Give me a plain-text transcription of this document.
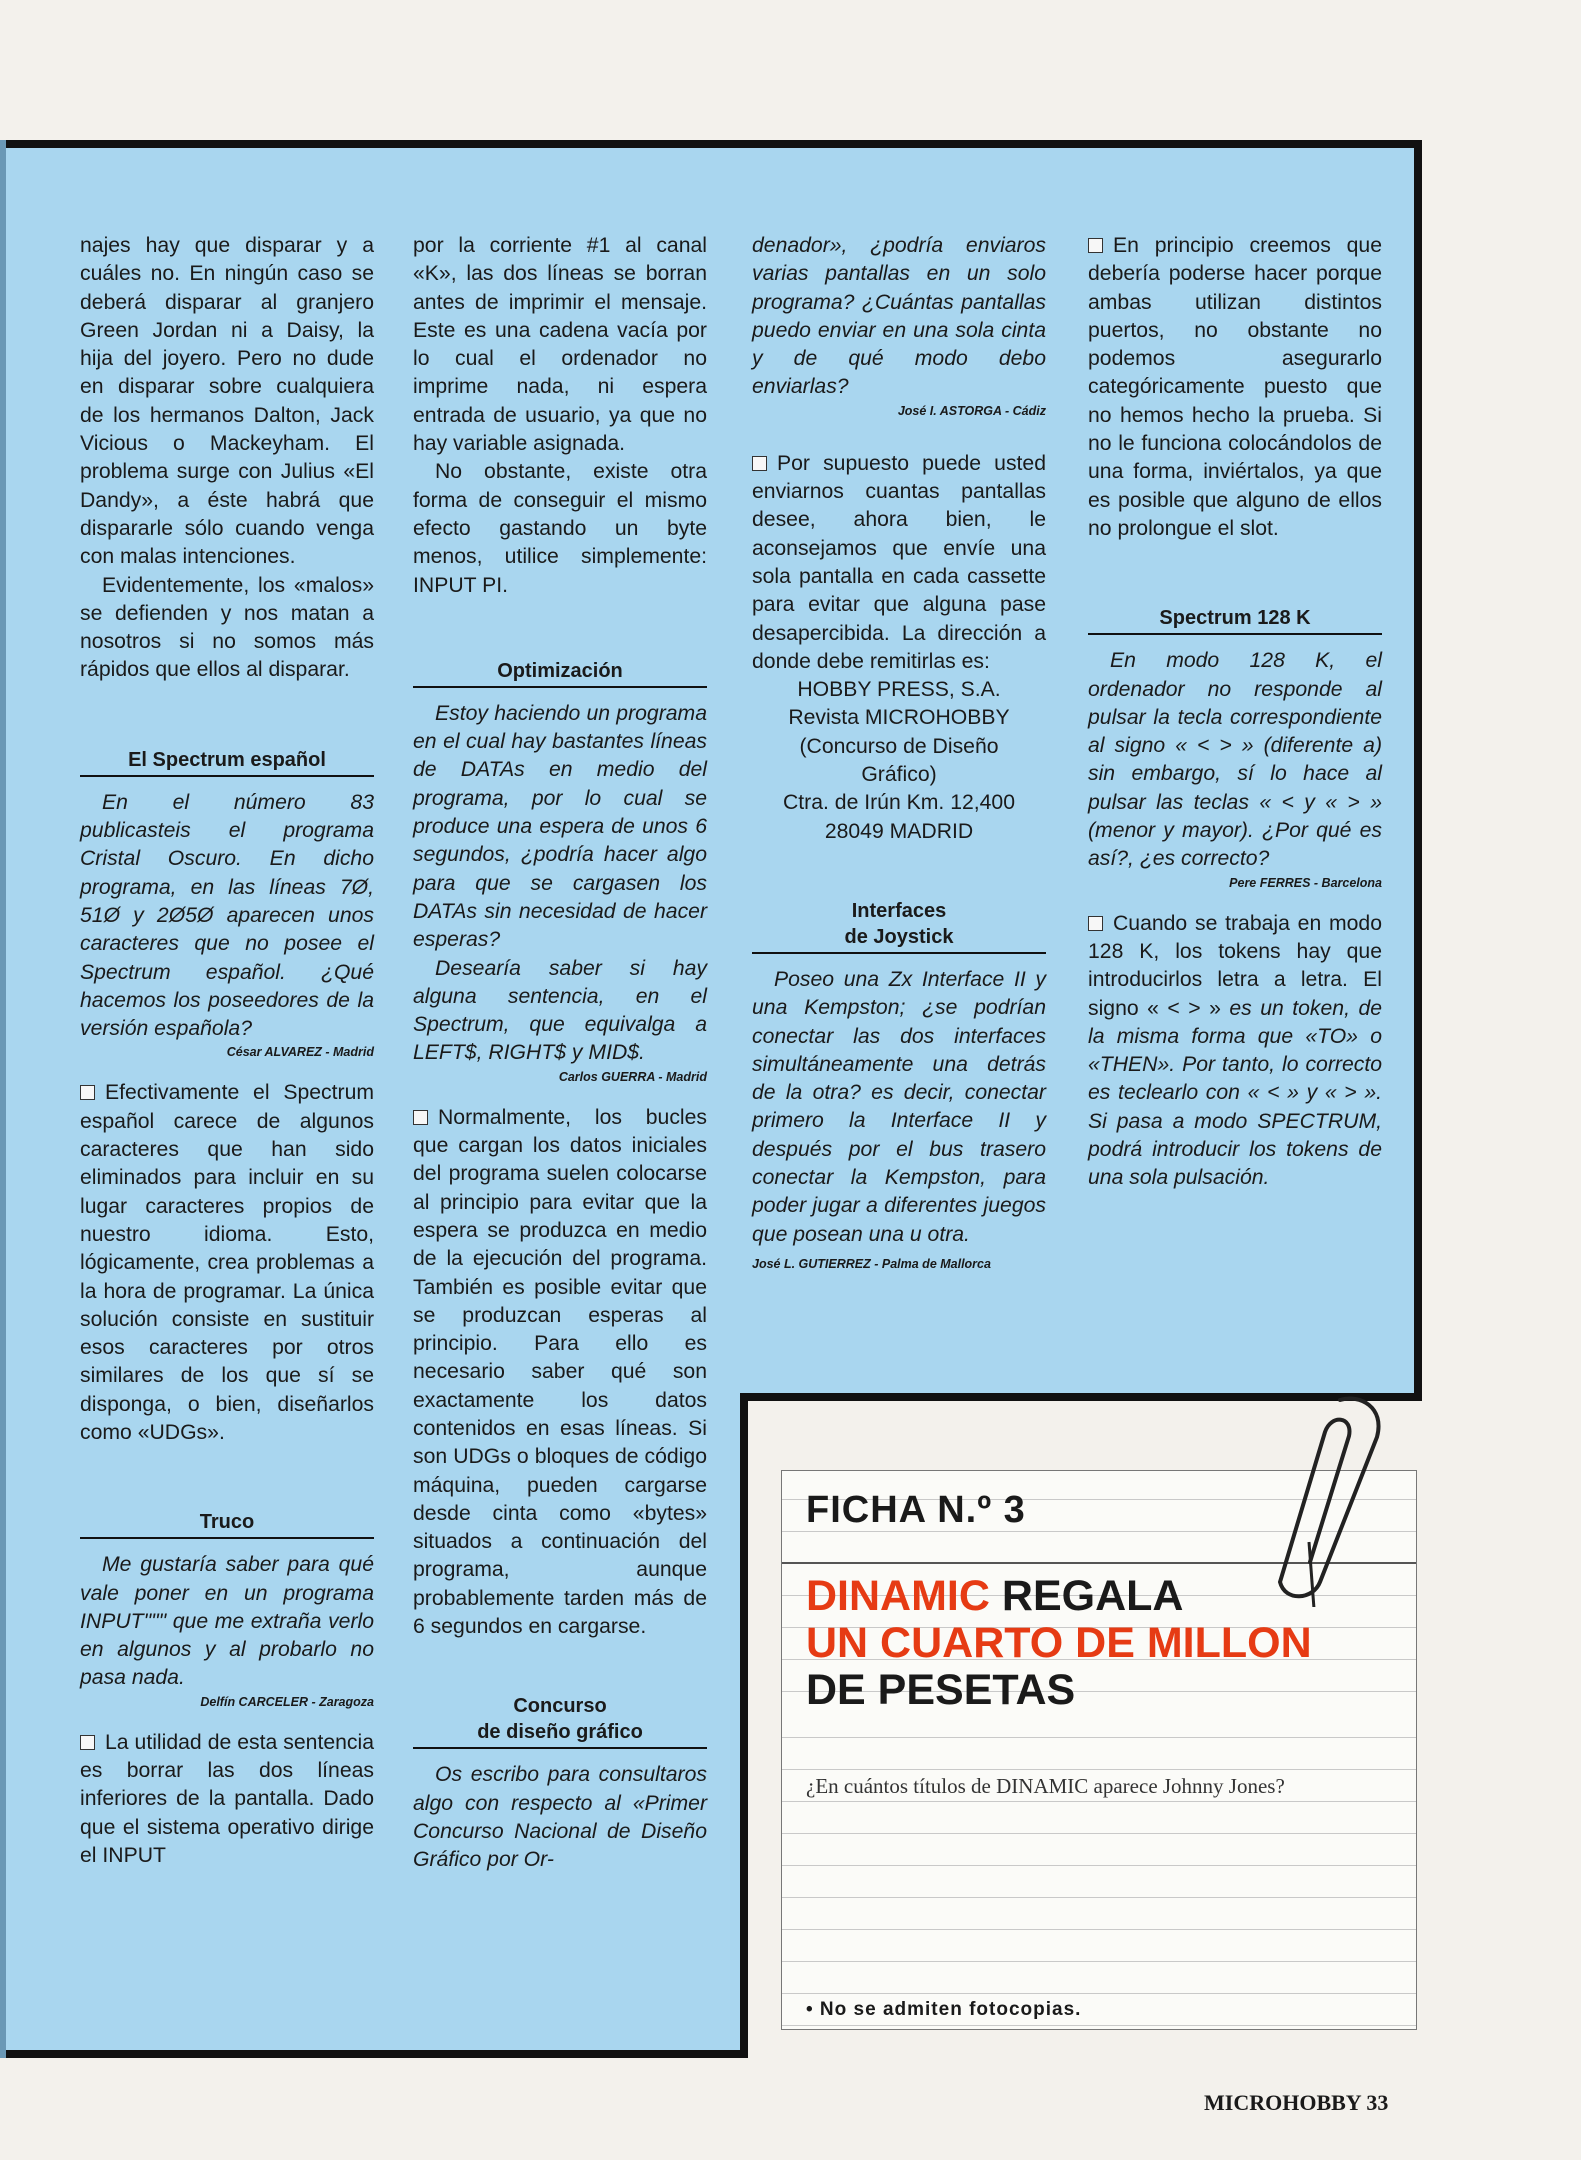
najes hay que disparar y a cuáles no. En ningún caso se deberá disparar al granjero Green Jordan ni a Daisy, la hija del joyero. Pero no dude en disparar sobre cualquiera de los hermanos Dalton, Jack Vicious o Mackeyham. El problema surge con Julius «El Dandy», a éste habrá que dispararle sólo cuando venga con malas intenciones.

Evidentemente, los «malos» se defienden y nos matan a nosotros si no somos más rápidos que ellos al disparar.

El Spectrum español

En el número 83 publicasteis el programa Cristal Oscuro. En dicho programa, en las líneas 7Ø, 51Ø y 2Ø5Ø aparecen unos caracteres que no posee el Spectrum español. ¿Qué hacemos los poseedores de la versión española?

César ALVAREZ - Madrid

Efectivamente el Spectrum español carece de algunos caracteres que han sido eliminados para incluir en su lugar caracteres propios de nuestro idioma. Esto, lógicamente, crea problemas a la hora de programar. La única solución consiste en sustituir esos caracteres por otros similares de los que sí se disponga, o bien, diseñarlos como «UDGs».

Truco

Me gustaría saber para qué vale poner en un programa INPUT""" que me extraña verlo en algunos y al probarlo no pasa nada.

Delfín CARCELER - Zaragoza

La utilidad de esta sentencia es borrar las dos líneas inferiores de la pantalla. Dado que el sistema operativo dirige el INPUT

por la corriente #1 al canal «K», las dos líneas se borran antes de imprimir el mensaje. Este es una cadena vacía por lo cual el ordenador no imprime nada, ni espera entrada de usuario, ya que no hay variable asignada.

No obstante, existe otra forma de conseguir el mismo efecto gastando un byte menos, utilice simplemente: INPUT PI.

Optimización

Estoy haciendo un programa en el cual hay bastantes líneas de DATAs en medio del programa, por lo cual se produce una espera de unos 6 segundos, ¿podría hacer algo para que se cargasen los DATAs sin necesidad de hacer esperas?

Desearía saber si hay alguna sentencia, en el Spectrum, que equivalga a LEFT$, RIGHT$ y MID$.

Carlos GUERRA - Madrid

Normalmente, los bucles que cargan los datos iniciales del programa suelen colocarse al principio para evitar que la espera se produzca en medio de la ejecución del programa. También es posible evitar que se produzcan esperas al principio. Para ello es necesario saber qué son exactamente los datos contenidos en esas líneas. Si son UDGs o bloques de código máquina, pueden cargarse desde cinta como «bytes» situados a continuación del programa, aunque probablemente tarden más de 6 segundos en cargarse.

Concurso
de diseño gráfico

Os escribo para consultaros algo con respecto al «Primer Concurso Nacional de Diseño Gráfico por Or-

denador», ¿podría enviaros varias pantallas en un solo programa? ¿Cuántas pantallas puedo enviar en una sola cinta y de qué modo debo enviarlas?

José I. ASTORGA - Cádiz

Por supuesto puede usted enviarnos cuantas pantallas desee, ahora bien, le aconsejamos que envíe una sola pantalla en cada cassette para evitar que alguna pase desapercibida. La dirección a donde debe remitirlas es:

HOBBY PRESS, S.A.
Revista MICROHOBBY
(Concurso de Diseño
Gráfico)
Ctra. de Irún Km. 12,400
28049 MADRID
Interfaces
de Joystick

Poseo una Zx Interface II y una Kempston; ¿se podrían conectar las dos interfaces simultáneamente una detrás de la otra? es decir, conectar primero la Interface II y después por el bus trasero conectar la Kempston, para poder jugar a diferentes juegos que posean una u otra.

José L. GUTIERREZ - Palma de Mallorca

En principio creemos que debería poderse hacer porque ambas utilizan distintos puertos, no obstante no podemos asegurarlo categóricamente puesto que no hemos hecho la prueba. Si no le funciona colocándolos de una forma, inviértalos, ya que es posible que alguno de ellos no prolongue el slot.

Spectrum 128 K

En modo 128 K, el ordenador no responde al pulsar la tecla correspondiente al signo « < > » (diferente a) sin embargo, sí lo hace al pulsar las teclas « < y « > » (menor y mayor). ¿Por qué es así?, ¿es correcto?

Pere FERRES - Barcelona

Cuando se trabaja en modo 128 K, los tokens hay que introducirlos letra a letra. El signo « < > » es un token, de la misma forma que «TO» o «THEN». Por tanto, lo correcto es teclearlo con « < » y « > ». Si pasa a modo SPECTRUM, podrá introducir los tokens de una sola pulsación.

FICHA N.º 3
DINAMIC REGALA
UN CUARTO DE MILLON
DE PESETAS
¿En cuántos títulos de DINAMIC aparece Johnny Jones?
• No se admiten fotocopias.
MICROHOBBY 33
